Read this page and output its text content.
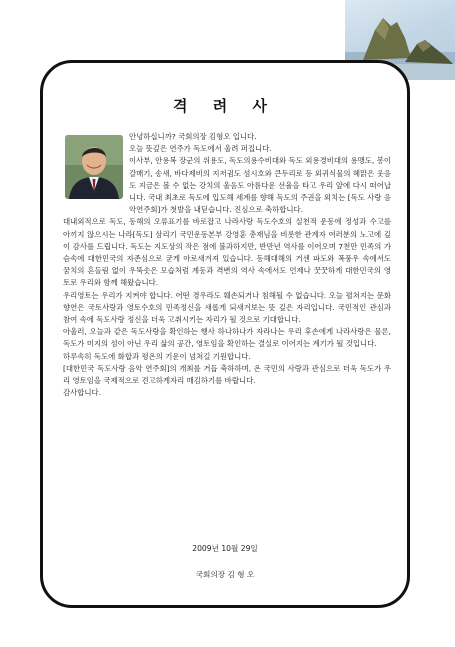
격 려 사

안녕하십니까? 국회의장 김형오 입니다.

오늘 뜻깊은 연주가 독도에서 울려 퍼집니다.

이사부, 안용복 장군의 위용도, 독도의용수비대와 독도 외용경비대의 용맹도, 봉이갈매기, 송새, 바다제비의 지저귐도 섬시호와 큰두리로 등 외귀식물의 혜맑은 웃음도 지금은 볼 수 없는 강치의 울음도 아름다운 선율을 타고 우리 앞에 다시 떠어납니다. 국내 최초로 독도에 입도해 세계를 향해 독도의 주권을 외치는 [독도 사랑 음악연주회]가 첫발을 내딛습니다. 진심으로 축하합니다.

대내외적으로 독도, 동해의 오류표기를 바로잡고 나라사랑 독도수호의 실천적 운동에 정성과 수고를 아끼지 않으시는 나라[독도] 삼리기 국민운동본부 강영훈 총재님을 비롯한 관계자 여러분의 노고에 깊이 감사를 드립니다. 독도는 지도상의 작은 점에 불과하지만, 반만년 역사를 이어오며 7천만 민족의 가슴속에 대한민국의 자존심으로 굳게 아로새겨져 있습니다. 동해대해의 거센 파도와 폭풍우 속에서도 꿈치의 흔들림 없이 우뚝솟은 모습처럼 계동과 격변의 역사 속에서도 언제나 꿋꿋하게 대한민국의 영토로 우리와 함께 해왔습니다.

우리영토는 우리가 지켜야 합니다. 어떤 경우라도 훼손되거나 침해될 수 없습니다. 오늘 펼쳐지는 문화향연은 국토사랑과 영토수호의 민족정신을 새롭게 되새겨보는 뜻 깊은 자리입니다. 국민적인 관심과 참여 속에 독도사랑 정신을 더욱 고취시키는 자리가 될 것으로 기대합니다.

아울러, 오늘과 같은 독도사랑을 확인하는 행사 하나하나가 자라나는 우리 후손에게 나라사랑은 물론, 독도가 미지의 섬이 아닌 우리 삶의 공간, 영토임을 확인하는 결실로 이어지는 계기가 될 것입니다.

하루속히 독도에 화합과 평온의 기운이 넘쳐길 기원합니다.

[대한민국 독도사랑 음악 연주회]의 개최를 거듭 축하하며, 온 국민의 사랑과 관심으로 더욱 독도가 우리 영토임을 국제적으로 견고하게자리 매김하기를 바랍니다.

감사합니다.

2009년 10월 29일
국회의장 김 형 오
